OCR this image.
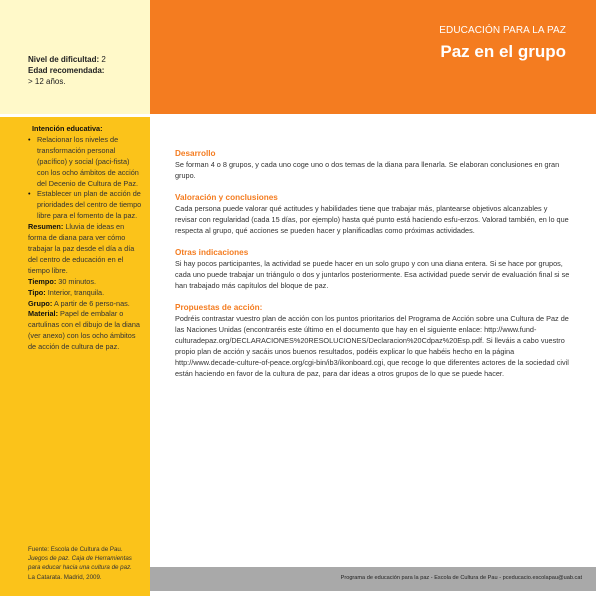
EDUCACIÓN PARA LA PAZ
Paz en el grupo
Nivel de dificultad: 2
Edad recomendada:
> 12 años.
Intención educativa:
• Relacionar los niveles de transformación personal (pacífico) y social (paci-fista) con los ocho ámbitos de acción del Decenio de Cultura de Paz.
• Establecer un plan de acción de prioridades del centro de tiempo libre para el fomento de la paz.
Resumen: Lluvia de ideas en forma de diana para ver cómo trabajar la paz desde el día a día del centro de educación en el tiempo libre.
Tiempo: 30 minutos.
Tipo: Interior, tranquila.
Grupo: A partir de 6 perso-nas.
Material: Papel de embalar o cartulinas con el dibujo de la diana (ver anexo) con los ocho ámbitos de acción de cultura de paz.
Fuente: Escola de Cultura de Pau.
Juegos de paz. Caja de Herramientas para educar hacia una cultura de paz.
La Catarata. Madrid, 2009.
Desarrollo

Se forman 4 o 8 grupos, y cada uno coge uno o dos temas de la diana para llenarla. Se elaboran conclusiones en gran grupo.

Valoración y conclusiones

Cada persona puede valorar qué actitudes y habilidades tiene que trabajar más, plantearse objetivos alcanzables y revisar con regularidad (cada 15 días, por ejemplo) hasta qué punto está haciendo esfu-erzos. Valorad también, en lo que respecta al grupo, qué acciones se pueden hacer y planificadlas como próximas actividades.

Otras indicaciones

Si hay pocos participantes, la actividad se puede hacer en un solo grupo y con una diana entera. Si se hace por grupos, cada uno puede trabajar un triángulo o dos y juntarlos posteriormente. Esa actividad puede servir de evaluación final si se han trabajado más capítulos del bloque de paz.

Propuestas de acción:

Podréis contrastar vuestro plan de acción con los puntos prioritarios del Programa de Acción sobre una Cultura de Paz de las Naciones Unidas (encontraréis este último en el documento que hay en el siguiente enlace: http://www.fund-culturadepaz.org/DECLARACIONES%20RESOLUCIONES/Declaracion%20Cdpaz%20Esp.pdf. Si lleváis a cabo vuestro propio plan de acción y sacáis unos buenos resultados, podéis explicar lo que habéis hecho en la página http://www.decade-culture-of-peace.org/cgi-bin/ib3/ikonboard.cgi, que recoge lo que diferentes actores de la sociedad civil están haciendo en favor de la cultura de paz, para dar ideas a otros grupos de lo que se puede hacer.

Programa de educación para la paz - Escola de Cultura de Pau - pceducacio.escolapau@uab.cat
